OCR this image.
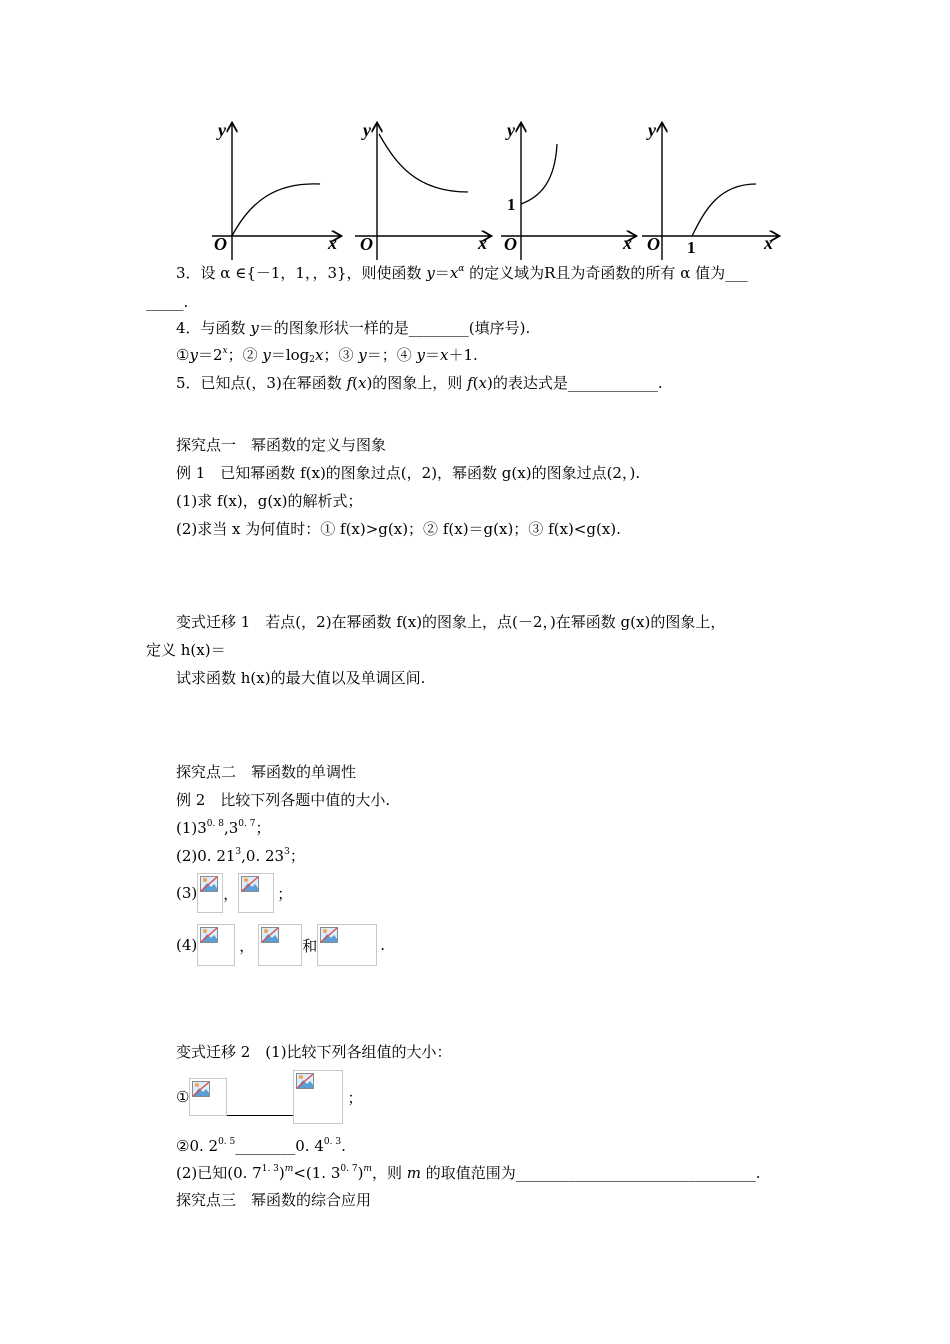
y
x
O
y
x
O
y
x
O
1
y
x
O 1
3．设 α ∈{－1，1，，3}，则使函数 $y=x^\alpha$ 的定义域为R且为奇函数的所有 α 值为___
_____.
4．与函数 y＝的图象形状一样的是________(填序号).
$①y=2^x$；② $y=\log_2x$；③ y＝；④ y＝x＋1.
5．已知点(，3)在幂函数 f(x)的图象上，则 f(x)的表达式是____________.
探究点一　幂函数的定义与图象
例 1　已知幂函数 f(x)的图象过点(，2)，幂函数 g(x)的图象过点(2，).
(1)求 f(x)，g(x)的解析式；
(2)求当 x 为何值时：① f(x)>g(x)；② f(x)＝g(x)；③ f(x)<g(x).
变式迁移 1　若点(，2)在幂函数 f(x)的图象上，点(－2，)在幂函数 g(x)的图象上，
定义 h(x)＝
试求函数 h(x)的最大值以及单调区间.
探究点二　幂函数的单调性
例 2　比较下列各题中值的大小.
$(1)3^{0. 8},3^{0. 7}$；
(2)0. $21^3,0$. $23^3$；
(3) ，	；
(4)	，	和	.
变式迁移 2　(1)比较下列各组值的大小：
①	；
②0. $2^{0. 5}\_\_\_\_\_\_\_\_0$. $4^{0. 3}$.
(2)已知(0. $7^{1. 3})^m<(1$. $3^{0. 7})^m$，则 m 的取值范围为________________________________.
探究点三　幂函数的综合应用
